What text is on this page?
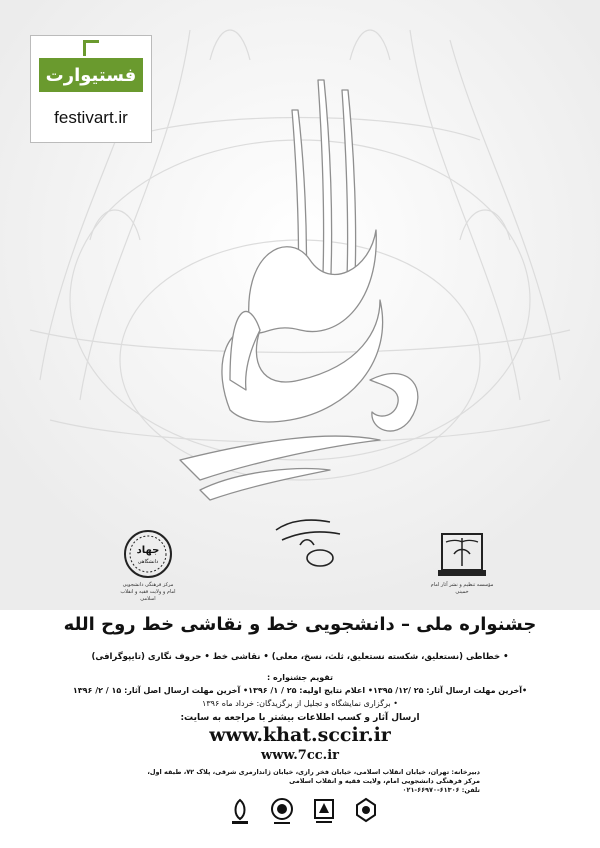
فستیوارت
festivart.ir
جهاد
دانشگاهی
مرکز فرهنگی دانشجویی امام و ولایت فقیه و انقلاب اسلامی
مؤسسه تنظیم و نشر آثار امام خمینی
جشنواره ملی – دانشجویی خط و نقاشی خط روح الله
• خطاطی (نستعلیق، شکسته نستعلیق، ثلث، نسخ، معلی) • نقاشی خط • حروف نگاری (تایپوگرافی)
تقویم جشنواره :
•آخرین مهلت ارسال آثار: ۲۵ /۱۲/ ۱۳۹۵• اعلام نتایج اولیه: ۲۵ / ۱/ ۱۳۹۶• آخرین مهلت ارسال اصل آثار: ۱۵ / ۲/ ۱۳۹۶
• برگزاری نمایشگاه و تجلیل از برگزیدگان: خرداد ماه ۱۳۹۶
ارسال آثار و کسب اطلاعات بیشتر با مراجعه به سایت:
www.khat.sccir.ir
www.7cc.ir
دبیرخانه: تهران، خیابان انقلاب اسلامی، خیابان فخر رازی، خیابان ژاندارمری شرقی، پلاک ۷۲، طبقه اول،
مرکز فرهنگی دانشجویی امام، ولایت فقیه و انقلاب اسلامی
تلفن: ۶۱۳۰۶-۶۶۹۷۰-۰۲۱
